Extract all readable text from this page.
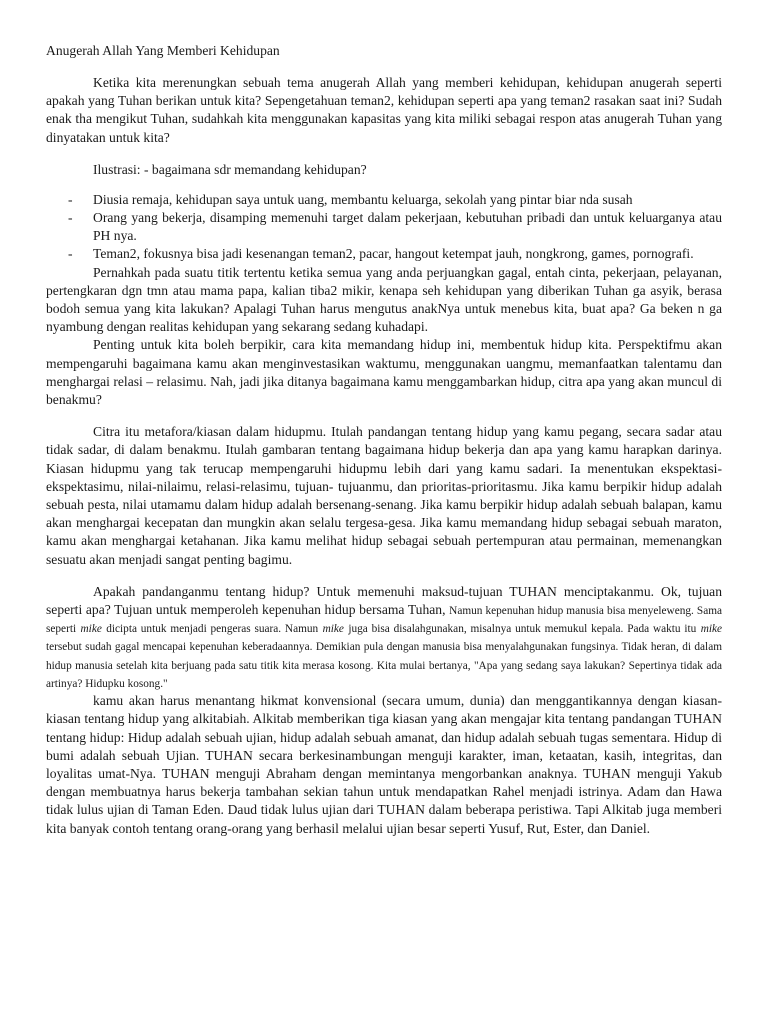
Anugerah Allah Yang Memberi Kehidupan

Ketika kita merenungkan sebuah tema anugerah Allah yang memberi kehidupan, kehidupan anugerah seperti apakah yang Tuhan berikan untuk kita? Sepengetahuan teman2, kehidupan seperti apa yang teman2 rasakan saat ini? Sudah enak tha mengikut Tuhan, sudahkah kita menggunakan kapasitas yang kita miliki sebagai respon atas anugerah Tuhan yang dinyatakan untuk kita?

Ilustrasi: - bagaimana sdr memandang kehidupan?
- Diusia remaja, kehidupan saya untuk uang, membantu keluarga, sekolah yang pintar biar nda susah
- Orang yang bekerja, disamping memenuhi target dalam pekerjaan, kebutuhan pribadi dan untuk keluarganya atau PH nya.
- Teman2, fokusnya bisa jadi kesenangan teman2, pacar, hangout ketempat jauh, nongkrong, games, pornografi.

Pernahkah pada suatu titik tertentu ketika semua yang anda perjuangkan gagal, entah cinta, pekerjaan, pelayanan, pertengkaran dgn tmn atau mama papa, kalian tiba2 mikir, kenapa seh kehidupan yang diberikan Tuhan ga asyik, berasa bodoh semua yang kita lakukan? Apalagi Tuhan harus mengutus anakNya untuk menebus kita, buat apa? Ga beken n ga nyambung dengan realitas kehidupan yang sekarang sedang kuhadapi.

Penting untuk kita boleh berpikir, cara kita memandang hidup ini, membentuk hidup kita. Perspektifmu akan mempengaruhi bagaimana kamu akan menginvestasikan waktumu, menggunakan uangmu, memanfaatkan talentamu dan menghargai relasi – relasimu. Nah, jadi jika ditanya bagaimana kamu menggambarkan hidup, citra apa yang akan muncul di benakmu?

Citra itu metafora/kiasan dalam hidupmu. Itulah pandangan tentang hidup yang kamu pegang, secara sadar atau tidak sadar, di dalam benakmu. Itulah gambaran tentang bagaimana hidup bekerja dan apa yang kamu harapkan darinya. Kiasan hidupmu yang tak terucap mempengaruhi hidupmu lebih dari yang kamu sadari. Ia menentukan ekspektasi-ekspektasimu, nilai-nilaimu, relasi-relasimu, tujuan- tujuanmu, dan prioritas-prioritasmu. Jika kamu berpikir hidup adalah sebuah pesta, nilai utamamu dalam hidup adalah bersenang-senang. Jika kamu berpikir hidup adalah sebuah balapan, kamu akan menghargai kecepatan dan mungkin akan selalu tergesa-gesa. Jika kamu memandang hidup sebagai sebuah maraton, kamu akan menghargai ketahanan. Jika kamu melihat hidup sebagai sebuah pertempuran atau permainan, memenangkan sesuatu akan menjadi sangat penting bagimu.

Apakah pandanganmu tentang hidup? Untuk memenuhi maksud-tujuan TUHAN menciptakanmu. Ok, tujuan seperti apa? Tujuan untuk memperoleh kepenuhan hidup bersama Tuhan, Namun kepenuhan hidup manusia bisa menyeleweng. Sama seperti mike dicipta untuk menjadi pengeras suara. Namun mike juga bisa disalahgunakan, misalnya untuk memukul kepala. Pada waktu itu mike tersebut sudah gagal mencapai kepenuhan keberadaannya. Demikian pula dengan manusia bisa menyalahgunakan fungsinya. Tidak heran, di dalam hidup manusia setelah kita berjuang pada satu titik kita merasa kosong. Kita mulai bertanya, "Apa yang sedang saya lakukan? Sepertinya tidak ada artinya? Hidupku kosong."

kamu akan harus menantang hikmat konvensional (secara umum, dunia) dan menggantikannya dengan kiasan-kiasan tentang hidup yang alkitabiah. Alkitab memberikan tiga kiasan yang akan mengajar kita tentang pandangan TUHAN tentang hidup: Hidup adalah sebuah ujian, hidup adalah sebuah amanat, dan hidup adalah sebuah tugas sementara. Hidup di bumi adalah sebuah Ujian. TUHAN secara berkesinambungan menguji karakter, iman, ketaatan, kasih, integritas, dan loyalitas umat-Nya. TUHAN menguji Abraham dengan memintanya mengorbankan anaknya. TUHAN menguji Yakub dengan membuatnya harus bekerja tambahan sekian tahun untuk mendapatkan Rahel menjadi istrinya. Adam dan Hawa tidak lulus ujian di Taman Eden. Daud tidak lulus ujian dari TUHAN dalam beberapa peristiwa. Tapi Alkitab juga memberi kita banyak contoh tentang orang-orang yang berhasil melalui ujian besar seperti Yusuf, Rut, Ester, dan Daniel.
